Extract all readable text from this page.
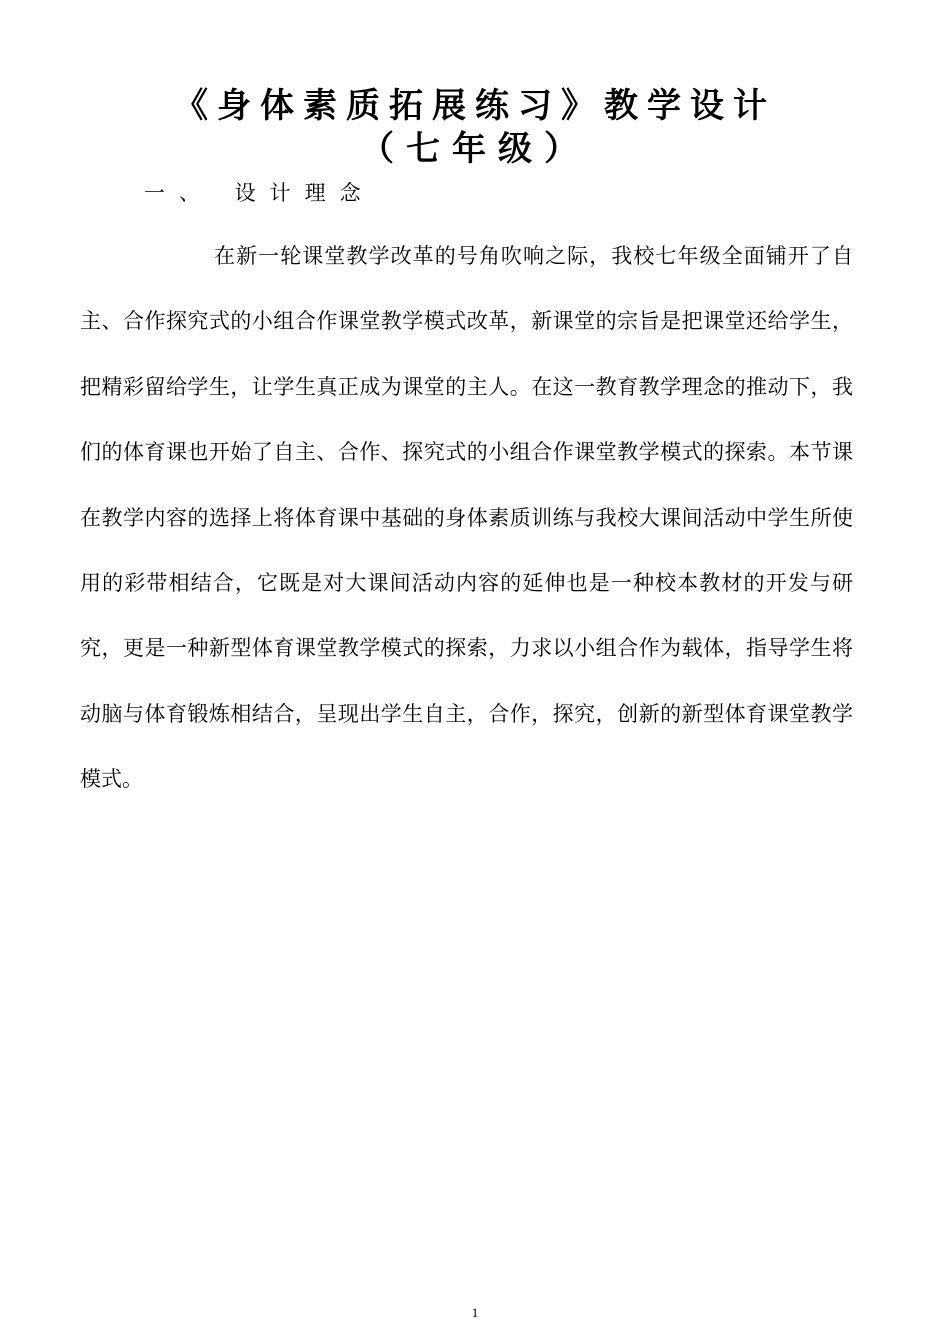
《身体素质拓展练习》教学设计
（七年级）
一、 设计理念

在新一轮课堂教学改革的号角吹响之际，我校七年级全面铺开了自主、合作探究式的小组合作课堂教学模式改革，新课堂的宗旨是把课堂还给学生，把精彩留给学生，让学生真正成为课堂的主人。在这一教育教学理念的推动下，我们的体育课也开始了自主、合作、探究式的小组合作课堂教学模式的探索。本节课在教学内容的选择上将体育课中基础的身体素质训练与我校大课间活动中学生所使用的彩带相结合，它既是对大课间活动内容的延伸也是一种校本教材的开发与研究，更是一种新型体育课堂教学模式的探索，力求以小组合作为载体，指导学生将动脑与体育锻炼相结合，呈现出学生自主，合作，探究，创新的新型体育课堂教学模式。

1
